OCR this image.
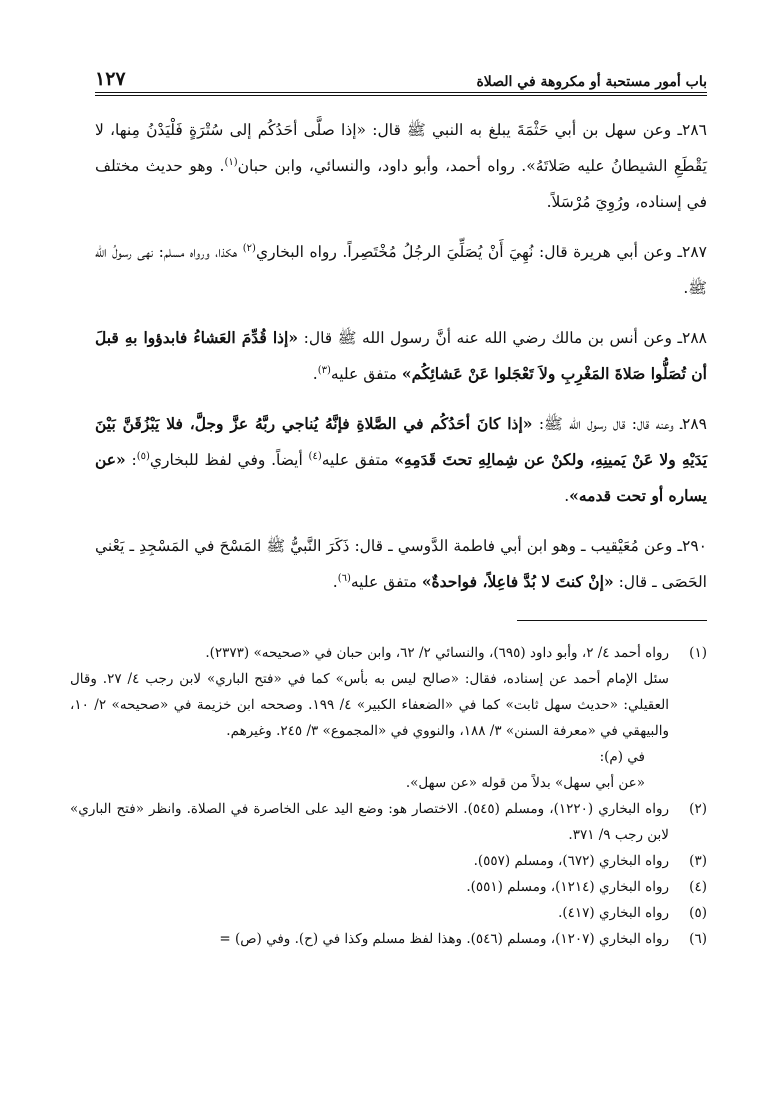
باب أمور مستحبة أو مكروهة في الصلاة
١٢٧

٢٨٦ـ وعن سهل بن أبي حَثْمَةَ يبلغ به النبي ﷺ قال: «إذا صلَّى أحَدُكُم إلى سُتْرَةٍ فَلْيَدْنُ مِنها، لا يَقْطَعِ الشيطانُ عليه صَلاتَهُ». رواه أحمد، وأبو داود، والنسائي، وابن حبان$^{(١)}$. وهو حديث مختلف في إسناده، ورُوِيَ مُرْسَلاً.

٢٨٧ـ وعن أبي هريرة قال: نُهِيَ أَنْ يُصَلِّيَ الرجُلُ مُخْتَصِراً. رواه البخاري$^{(٢)}$ هكذا، ورواه مسلم: نهى رسولُ الله ﷺ.

٢٨٨ـ وعن أنس بن مالك رضي الله عنه أنَّ رسول الله ﷺ قال: «إذا قُدِّمَ العَشاءُ فابدؤوا بهِ قبلَ أن تُصَلُّوا صَلاةَ المَغْرِبِ ولاَ تَعْجَلوا عَنْ عَشائِكُم» متفق عليه$^{(٣)}$.

٢٨٩ـ وعنه قال: قال رسول الله ﷺ: «إذا كانَ أحَدُكُم في الصَّلاةِ فإنَّهُ يُناجي ربَّهُ عزَّ وجلَّ، فلا يَبْزُقَنَّ بَيْنَ يَدَيْهِ ولا عَنْ يَمينِهِ، ولكنْ عن شِمالِهِ تحتَ قَدَمِهِ» متفق عليه$^{(٤)}$ أيضاً. وفي لفظ للبخاري$^{(٥)}$: «عن يساره أو تحت قدمه».

٢٩٠ـ وعن مُعَيْقيب ـ وهو ابن أبي فاطمة الدَّوسي ـ قال: ذَكَرَ النَّبيُّ ﷺ المَسْحَ في المَسْجِدِ ـ يَعْني الحَصَى ـ قال: «إنْ كنتَ لا بُدَّ فاعِلاً، فواحدةٌ» متفق عليه$^{(٦)}$.

(١)
رواه أحمد ٤/ ٢، وأبو داود (٦٩٥)، والنسائي ٢/ ٦٢، وابن حبان في «صحيحه» (٢٣٧٣).
سئل الإمام أحمد عن إسناده، فقال: «صالح ليس به بأس» كما في «فتح الباري» لابن رجب ٤/ ٢٧. وقال العقيلي: «حديث سهل ثابت» كما في «الضعفاء الكبير» ٤/ ١٩٩. وصححه ابن خزيمة في «صحيحه» ٢/ ١٠، والبيهقي في «معرفة السنن» ٣/ ١٨٨، والنووي في «المجموع» ٣/ ٢٤٥. وغيرهم.
في (م):
«عن أبي سهل» بدلاً من قوله «عن سهل».
(٢)
رواه البخاري (١٢٢٠)، ومسلم (٥٤٥). الاختصار هو: وضع اليد على الخاصرة في الصلاة. وانظر «فتح الباري» لابن رجب ٩/ ٣٧١.
(٣)
رواه البخاري (٦٧٢)، ومسلم (٥٥٧).
(٤)
رواه البخاري (١٢١٤)، ومسلم (٥٥١).
(٥)
رواه البخاري (٤١٧).
(٦)
رواه البخاري (١٢٠٧)، ومسلم (٥٤٦). وهذا لفظ مسلم وكذا في (ح). وفي (ص) =
